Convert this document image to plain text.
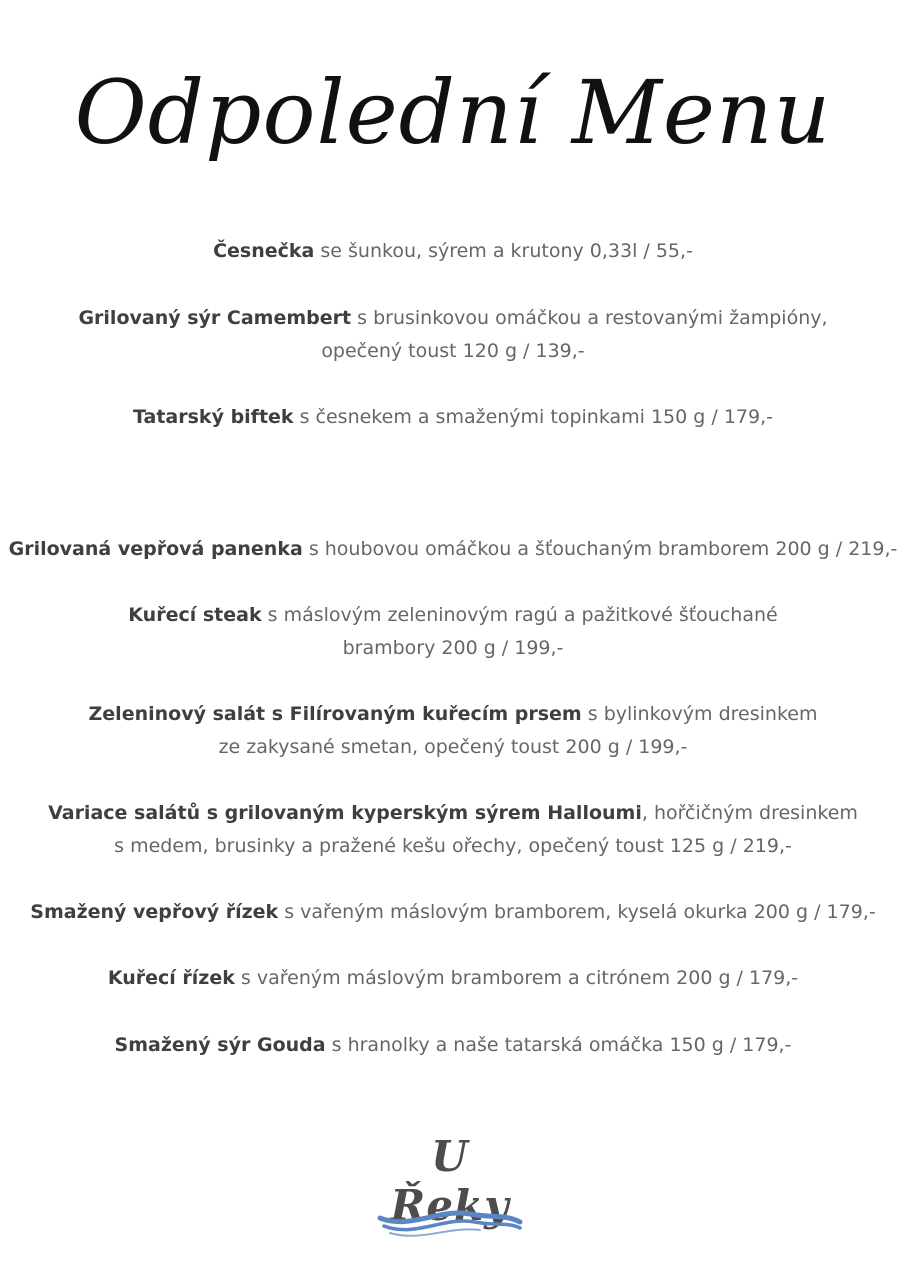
Odpolední Menu
Česnečka se šunkou, sýrem a krutony 0,33l / 55,-
Grilovaný sýr Camembert s brusinkovou omáčkou a restovanými žampióny,
opečený toust 120 g / 139,-
Tatarský biftek s česnekem a smaženými topinkami 150 g / 179,-
Grilovaná vepřová panenka s houbovou omáčkou a šťouchaným bramborem 200 g / 219,-
Kuřecí steak s máslovým zeleninovým ragú a pažitkové šťouchané
brambory 200 g / 199,-
Zeleninový salát s Filírovaným kuřecím prsem s bylinkovým dresinkem
ze zakysané smetan, opečený toust 200 g / 199,-
Variace salátů s grilovaným kyperským sýrem Halloumi, hořčičným dresinkem
s medem, brusinky a pražené kešu ořechy, opečený toust 125 g / 219,-
Smažený vepřový řízek s vařeným máslovým bramborem, kyselá okurka 200 g / 179,-
Kuřecí řízek s vařeným máslovým bramborem a citrónem 200 g / 179,-
Smažený sýr Gouda s hranolky a naše tatarská omáčka 150 g / 179,-
U Řeky
